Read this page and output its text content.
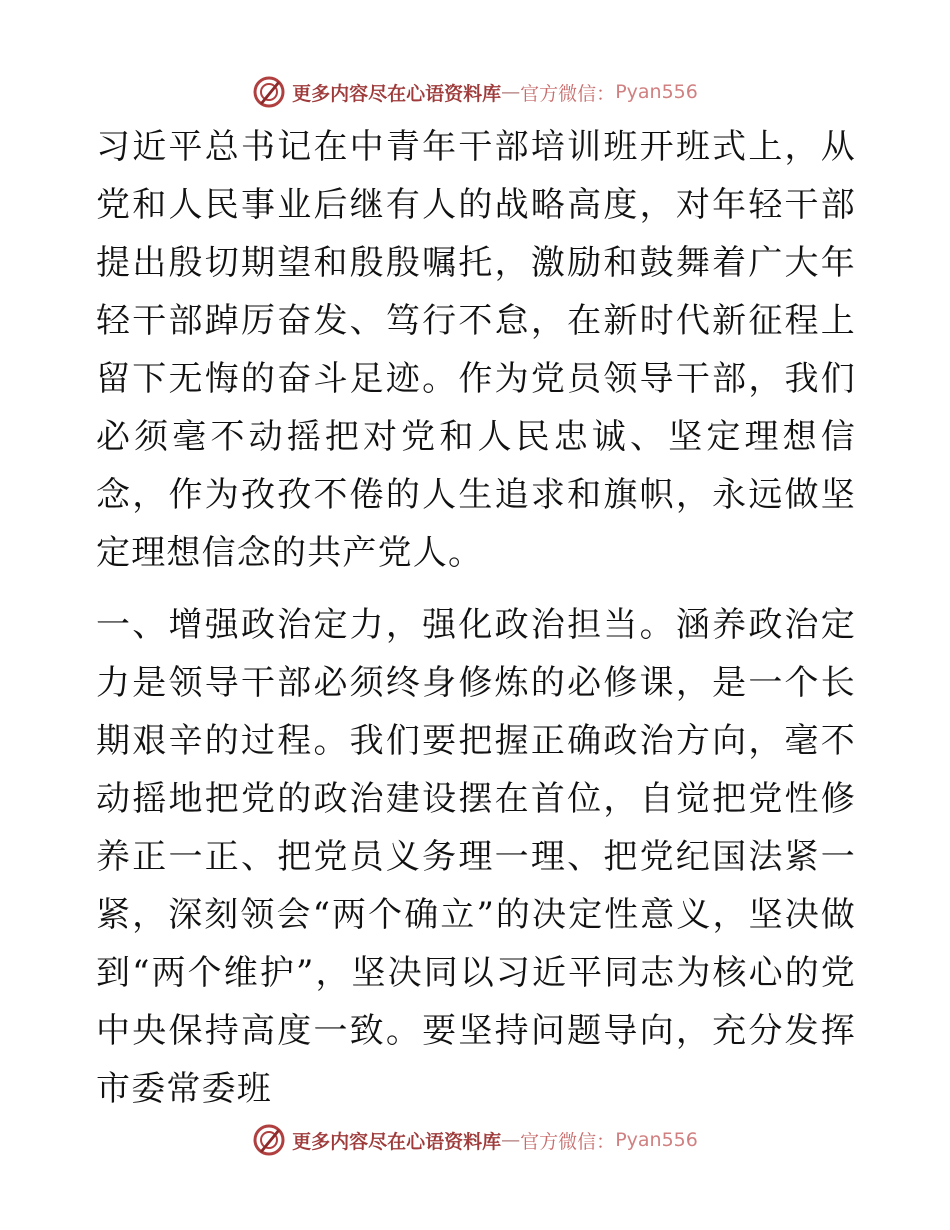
更多内容尽在心语资料库 — 官方微信： Pyan556

习近平总书记在中青年干部培训班开班式上，从党和人民事业后继有人的战略高度，对年轻干部提出殷切期望和殷殷嘱托，激励和鼓舞着广大年轻干部踔厉奋发、笃行不怠，在新时代新征程上留下无悔的奋斗足迹。作为党员领导干部，我们必须毫不动摇把对党和人民忠诚、坚定理想信念，作为孜孜不倦的人生追求和旗帜，永远做坚定理想信念的共产党人。

一、增强政治定力，强化政治担当。涵养政治定力是领导干部必须终身修炼的必修课，是一个长期艰辛的过程。我们要把握正确政治方向，毫不动摇地把党的政治建设摆在首位，自觉把党性修养正一正、把党员义务理一理、把党纪国法紧一紧，深刻领会“两个确立”的决定性意义，坚决做到“两个维护”，坚决同以习近平同志为核心的党中央保持高度一致。要坚持问题导向，充分发挥市委常委班

更多内容尽在心语资料库 — 官方微信： Pyan556
